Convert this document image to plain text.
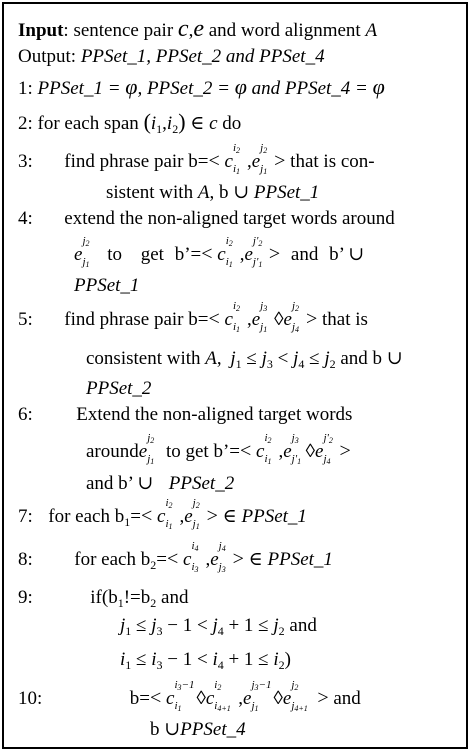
Input: sentence pair c,e and word alignment A
Output: PPSet_1, PPSet_2 and PPSet_4
1: PPSet_1 = φ, PPSet_2 = φ and PPSet_4 = φ
2: for each span $(i_1,i_2)$ ∈ c do
3: find phrase pair b=< c
i2
i1 ,e
j2
j1 > that is con-
sistent with A, b ∪ PPSet_1
4: extend the non-aligned target words around
e
j2
j1 to get b’=< c
i2
i1 ,e
j'2
j'1 > and b’ ∪
PPSet_1
5: find phrase pair b=< c
i2
i1 ,e
j3
j1 ◊e
j2
j4 > that is
consistent with A, $j_1 \le j_3 < j_4 \le j_2$ and b ∪
PPSet_2
6: Extend the non-aligned target words
arounde
j2
j1 to get b’=< c
i2
i1 ,e
j3
j'1 ◊e
j'2
j4 >
and b’ ∪ PPSet_2
7: for each $b_1=< c$
i2
i1 ,e
j2
j1 > ∈ PPSet_1
8: for each $b_2=< c$
i4
i3 ,e
j4
j3 > ∈ PPSet_1
9:	$if(b_1!=b_2$ and
$j_1 \le j_3 - 1 < j_4 + 1 \le j_2$ and
$i_1 \le i_3 - 1 < i_4 + 1 \le i_2$)
10:	b=< c
i3−1
i1 ◊c
i2
i4+1 ,e
j3−1
j1 ◊e
j2
j4+1 > and
b ∪PPSet_4
